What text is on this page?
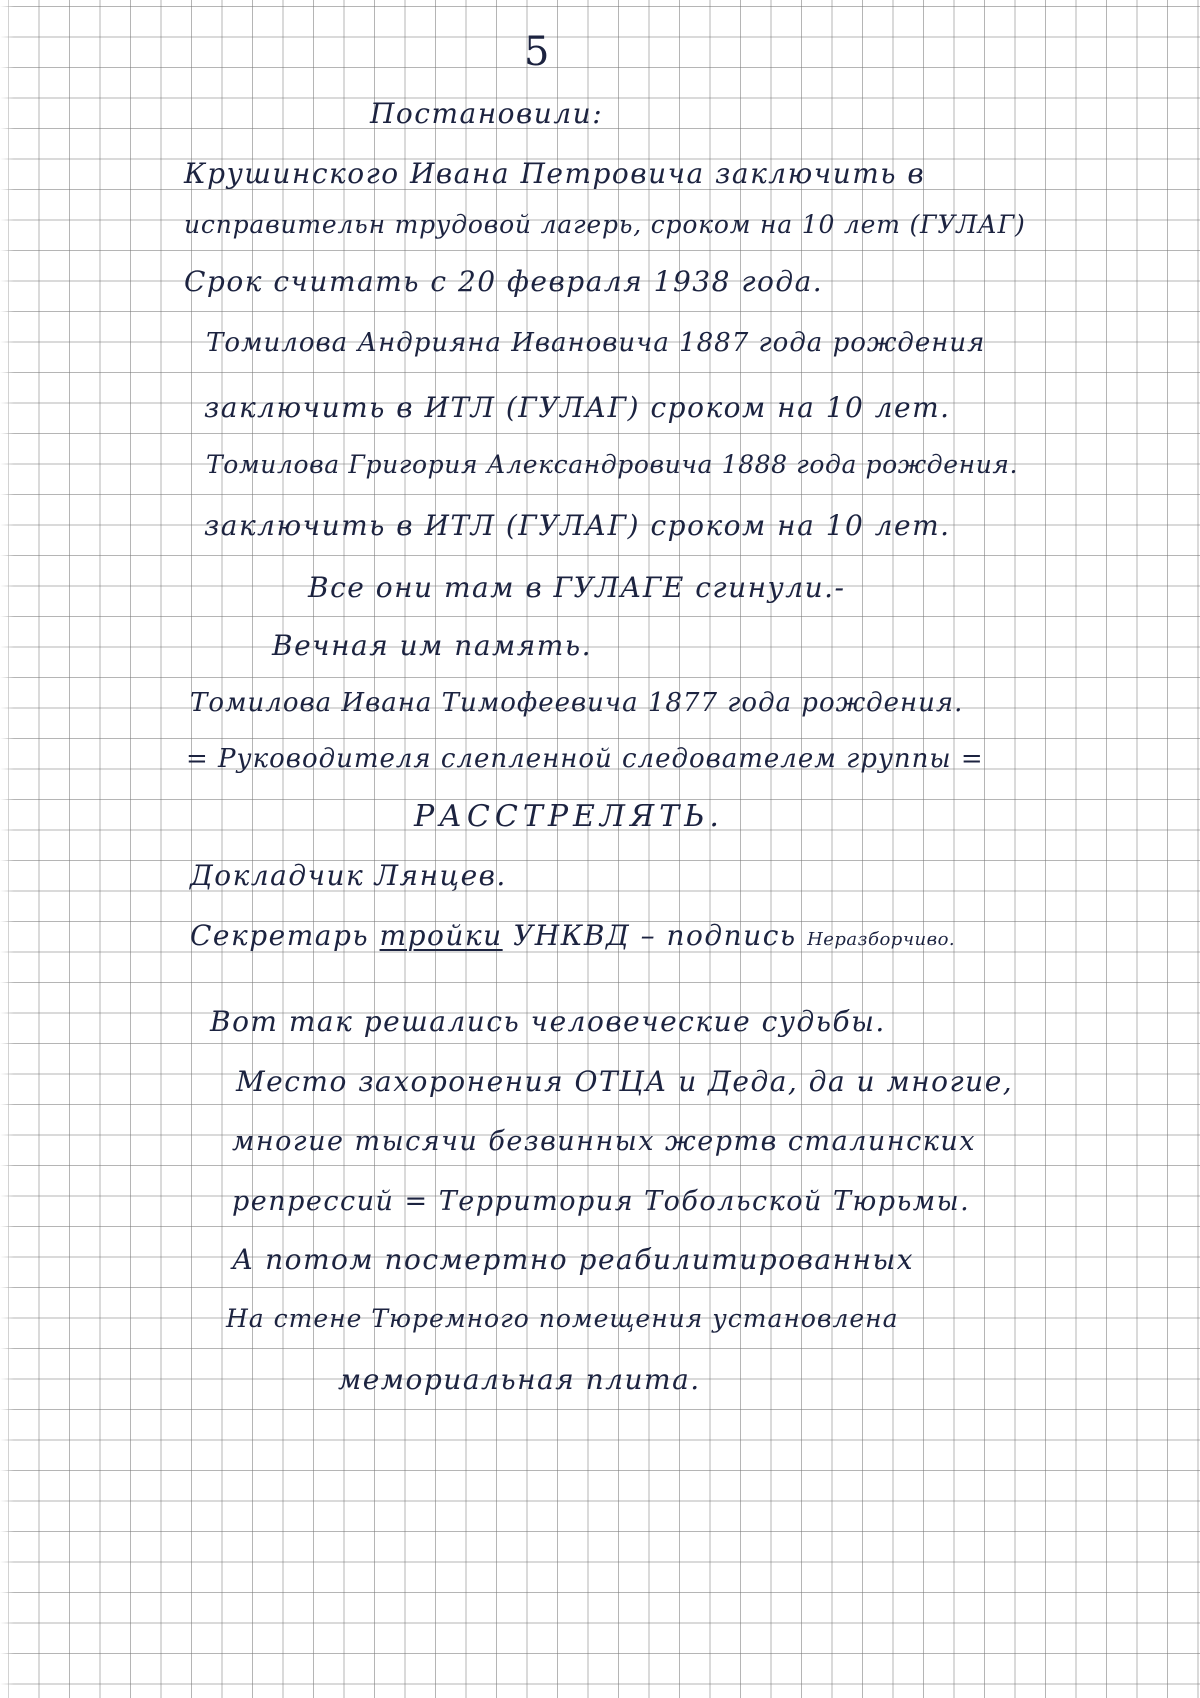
5
Постановили:
Крушинского Ивана Петровича заключить в
исправительн трудовой лагерь, сроком на 10 лет (ГУЛАГ)
Срок считать с 20 февраля 1938 года.
Томилова Андрияна Ивановича 1887 года рождения
заключить в ИТЛ (ГУЛАГ) сроком на 10 лет.
Томилова Григория Александровича 1888 года рождения.
заключить в ИТЛ (ГУЛАГ) сроком на 10 лет.
Все они там в ГУЛАГЕ сгинули.-
Вечная им память.
Томилова Ивана Тимофеевича 1877 года рождения.
= Руководителя слепленной следователем группы =
РАССТРЕЛЯТЬ.
Докладчик Лянцев.
Секретарь тройки УНКВД – подпись Неразборчиво.
Вот так решались человеческие судьбы.
Место захоронения ОТЦА и Деда, да и многие,
многие тысячи безвинных жертв сталинских
репрессий = Территория Тобольской Тюрьмы.
А потом посмертно реабилитированных
На стене Тюремного помещения установлена
мемориальная плита.
